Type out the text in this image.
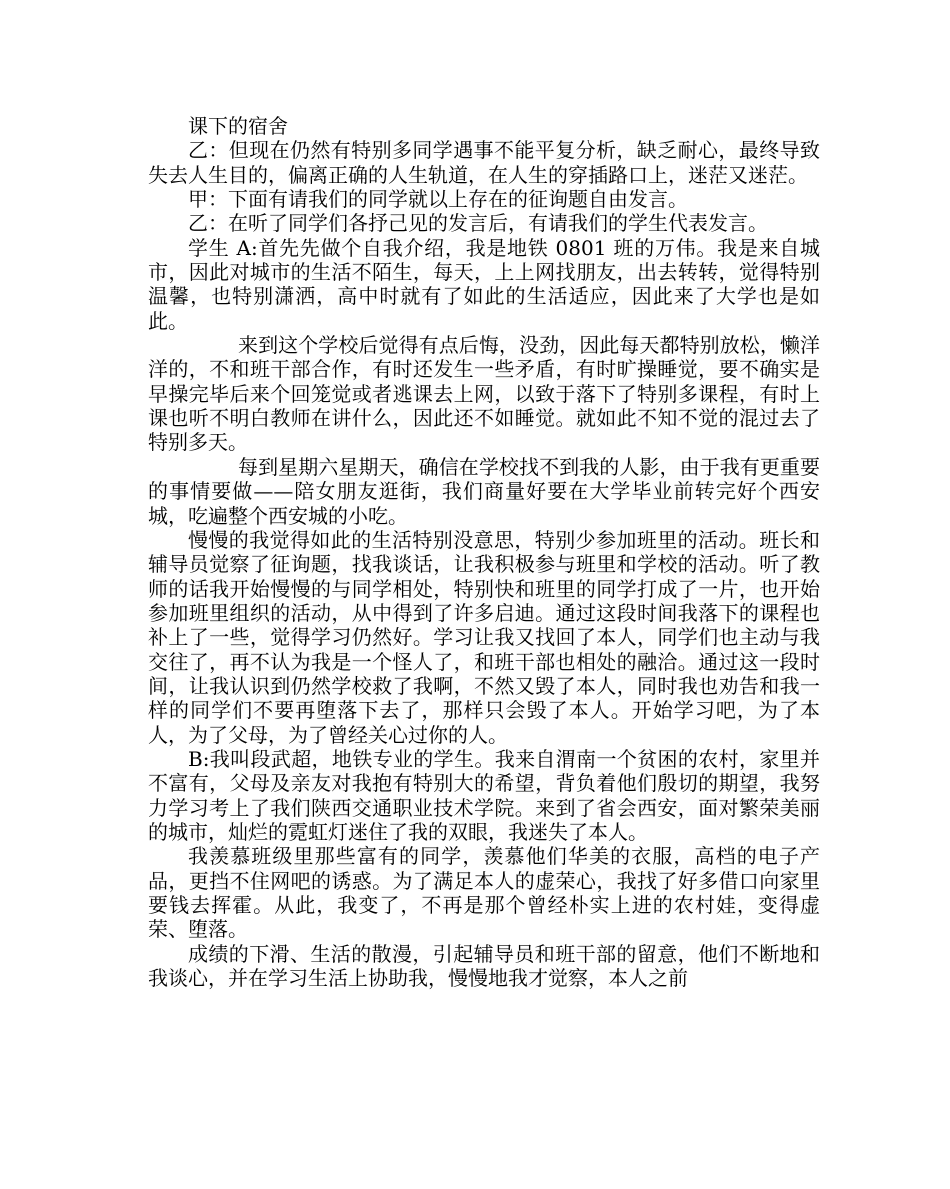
课下的宿舍

乙：但现在仍然有特别多同学遇事不能平复分析，缺乏耐心，最终导致失去人生目的，偏离正确的人生轨道，在人生的穿插路口上，迷茫又迷茫。

甲：下面有请我们的同学就以上存在的征询题自由发言。

乙：在听了同学们各抒己见的发言后，有请我们的学生代表发言。

学生 A:首先先做个自我介绍，我是地铁 0801 班的万伟。我是来自城市，因此对城市的生活不陌生，每天，上上网找朋友，出去转转，觉得特别温馨，也特别潇洒，高中时就有了如此的生活适应，因此来了大学也是如此。

来到这个学校后觉得有点后悔，没劲，因此每天都特别放松，懒洋洋的，不和班干部合作，有时还发生一些矛盾，有时旷操睡觉，要不确实是早操完毕后来个回笼觉或者逃课去上网，以致于落下了特别多课程，有时上课也听不明白教师在讲什么，因此还不如睡觉。就如此不知不觉的混过去了特别多天。

每到星期六星期天，确信在学校找不到我的人影，由于我有更重要的事情要做——陪女朋友逛街，我们商量好要在大学毕业前转完好个西安城，吃遍整个西安城的小吃。

慢慢的我觉得如此的生活特别没意思，特别少参加班里的活动。班长和辅导员觉察了征询题，找我谈话，让我积极参与班里和学校的活动。听了教师的话我开始慢慢的与同学相处，特别快和班里的同学打成了一片，也开始参加班里组织的活动，从中得到了许多启迪。通过这段时间我落下的课程也补上了一些，觉得学习仍然好。学习让我又找回了本人，同学们也主动与我交往了，再不认为我是一个怪人了，和班干部也相处的融洽。通过这一段时间，让我认识到仍然学校救了我啊，不然又毁了本人，同时我也劝告和我一样的同学们不要再堕落下去了，那样只会毁了本人。开始学习吧，为了本人，为了父母，为了曾经关心过你的人。

B:我叫段武超，地铁专业的学生。我来自渭南一个贫困的农村，家里并不富有，父母及亲友对我抱有特别大的希望，背负着他们殷切的期望，我努力学习考上了我们陕西交通职业技术学院。来到了省会西安，面对繁荣美丽的城市，灿烂的霓虹灯迷住了我的双眼，我迷失了本人。

我羡慕班级里那些富有的同学，羡慕他们华美的衣服，高档的电子产品，更挡不住网吧的诱惑。为了满足本人的虚荣心，我找了好多借口向家里要钱去挥霍。从此，我变了，不再是那个曾经朴实上进的农村娃，变得虚荣、堕落。

成绩的下滑、生活的散漫，引起辅导员和班干部的留意，他们不断地和我谈心，并在学习生活上协助我，慢慢地我才觉察，本人之前
